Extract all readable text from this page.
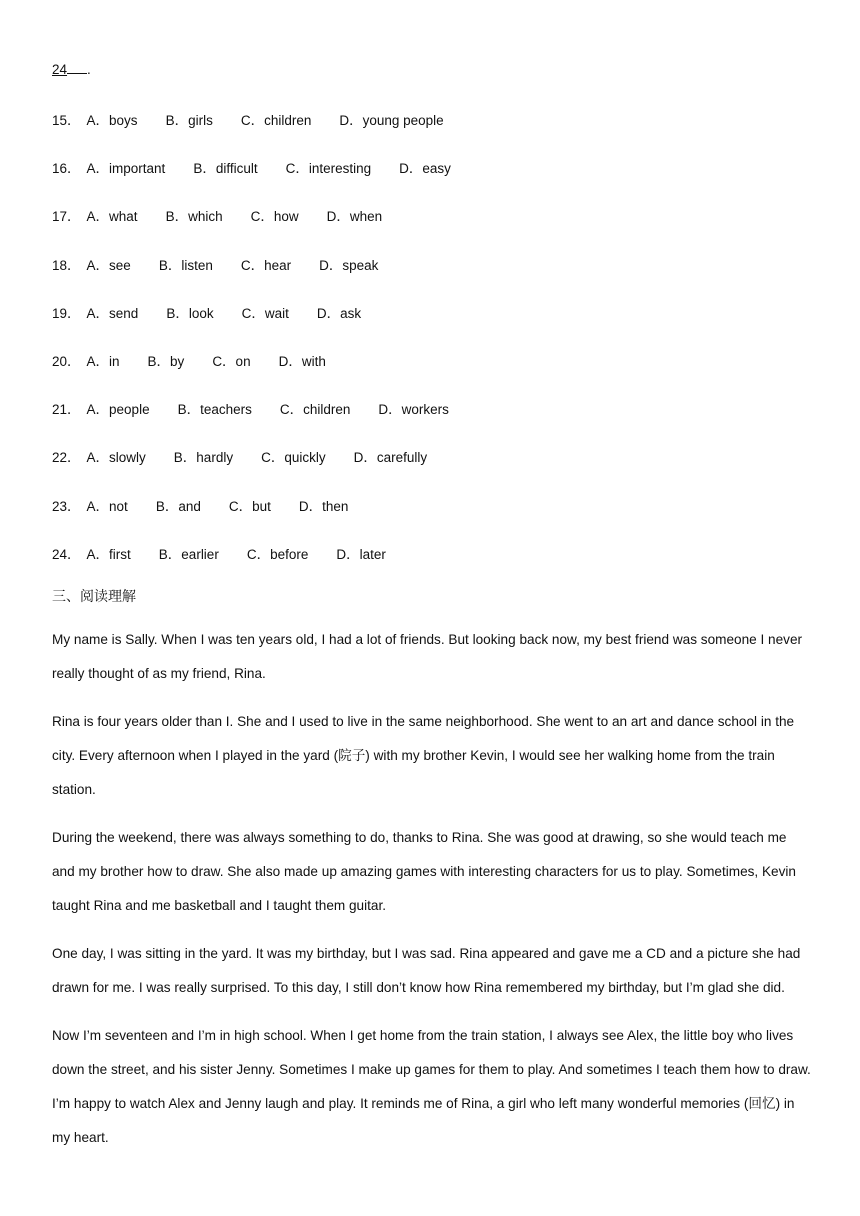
24 .
15． A．boys B．girls C．children D．young people
16． A．important B．difficult C．interesting D．easy
17． A．what B．which C．how D．when
18． A．see B．listen C．hear D．speak
19． A．send B．look C．wait D．ask
20． A．in B．by C．on D．with
21． A．people B．teachers C．children D．workers
22． A．slowly B．hardly C．quickly D．carefully
23． A．not B．and C．but D．then
24． A．first B．earlier C．before D．later
三、阅读理解
My name is Sally. When I was ten years old, I had a lot of friends. But looking back now, my best friend was someone I never really thought of as my friend, Rina.
Rina is four years older than I. She and I used to live in the same neighborhood. She went to an art and dance school in the city. Every afternoon when I played in the yard (院子) with my brother Kevin, I would see her walking home from the train station.
During the weekend, there was always something to do, thanks to Rina. She was good at drawing, so she would teach me and my brother how to draw. She also made up amazing games with interesting characters for us to play. Sometimes, Kevin taught Rina and me basketball and I taught them guitar.
One day, I was sitting in the yard. It was my birthday, but I was sad. Rina appeared and gave me a CD and a picture she had drawn for me. I was really surprised. To this day, I still don’t know how Rina remembered my birthday, but I’m glad she did.
Now I’m seventeen and I’m in high school. When I get home from the train station, I always see Alex, the little boy who lives down the street, and his sister Jenny. Sometimes I make up games for them to play. And sometimes I teach them how to draw. I’m happy to watch Alex and Jenny laugh and play. It reminds me of Rina, a girl who left many wonderful memories (回忆) in my heart.
